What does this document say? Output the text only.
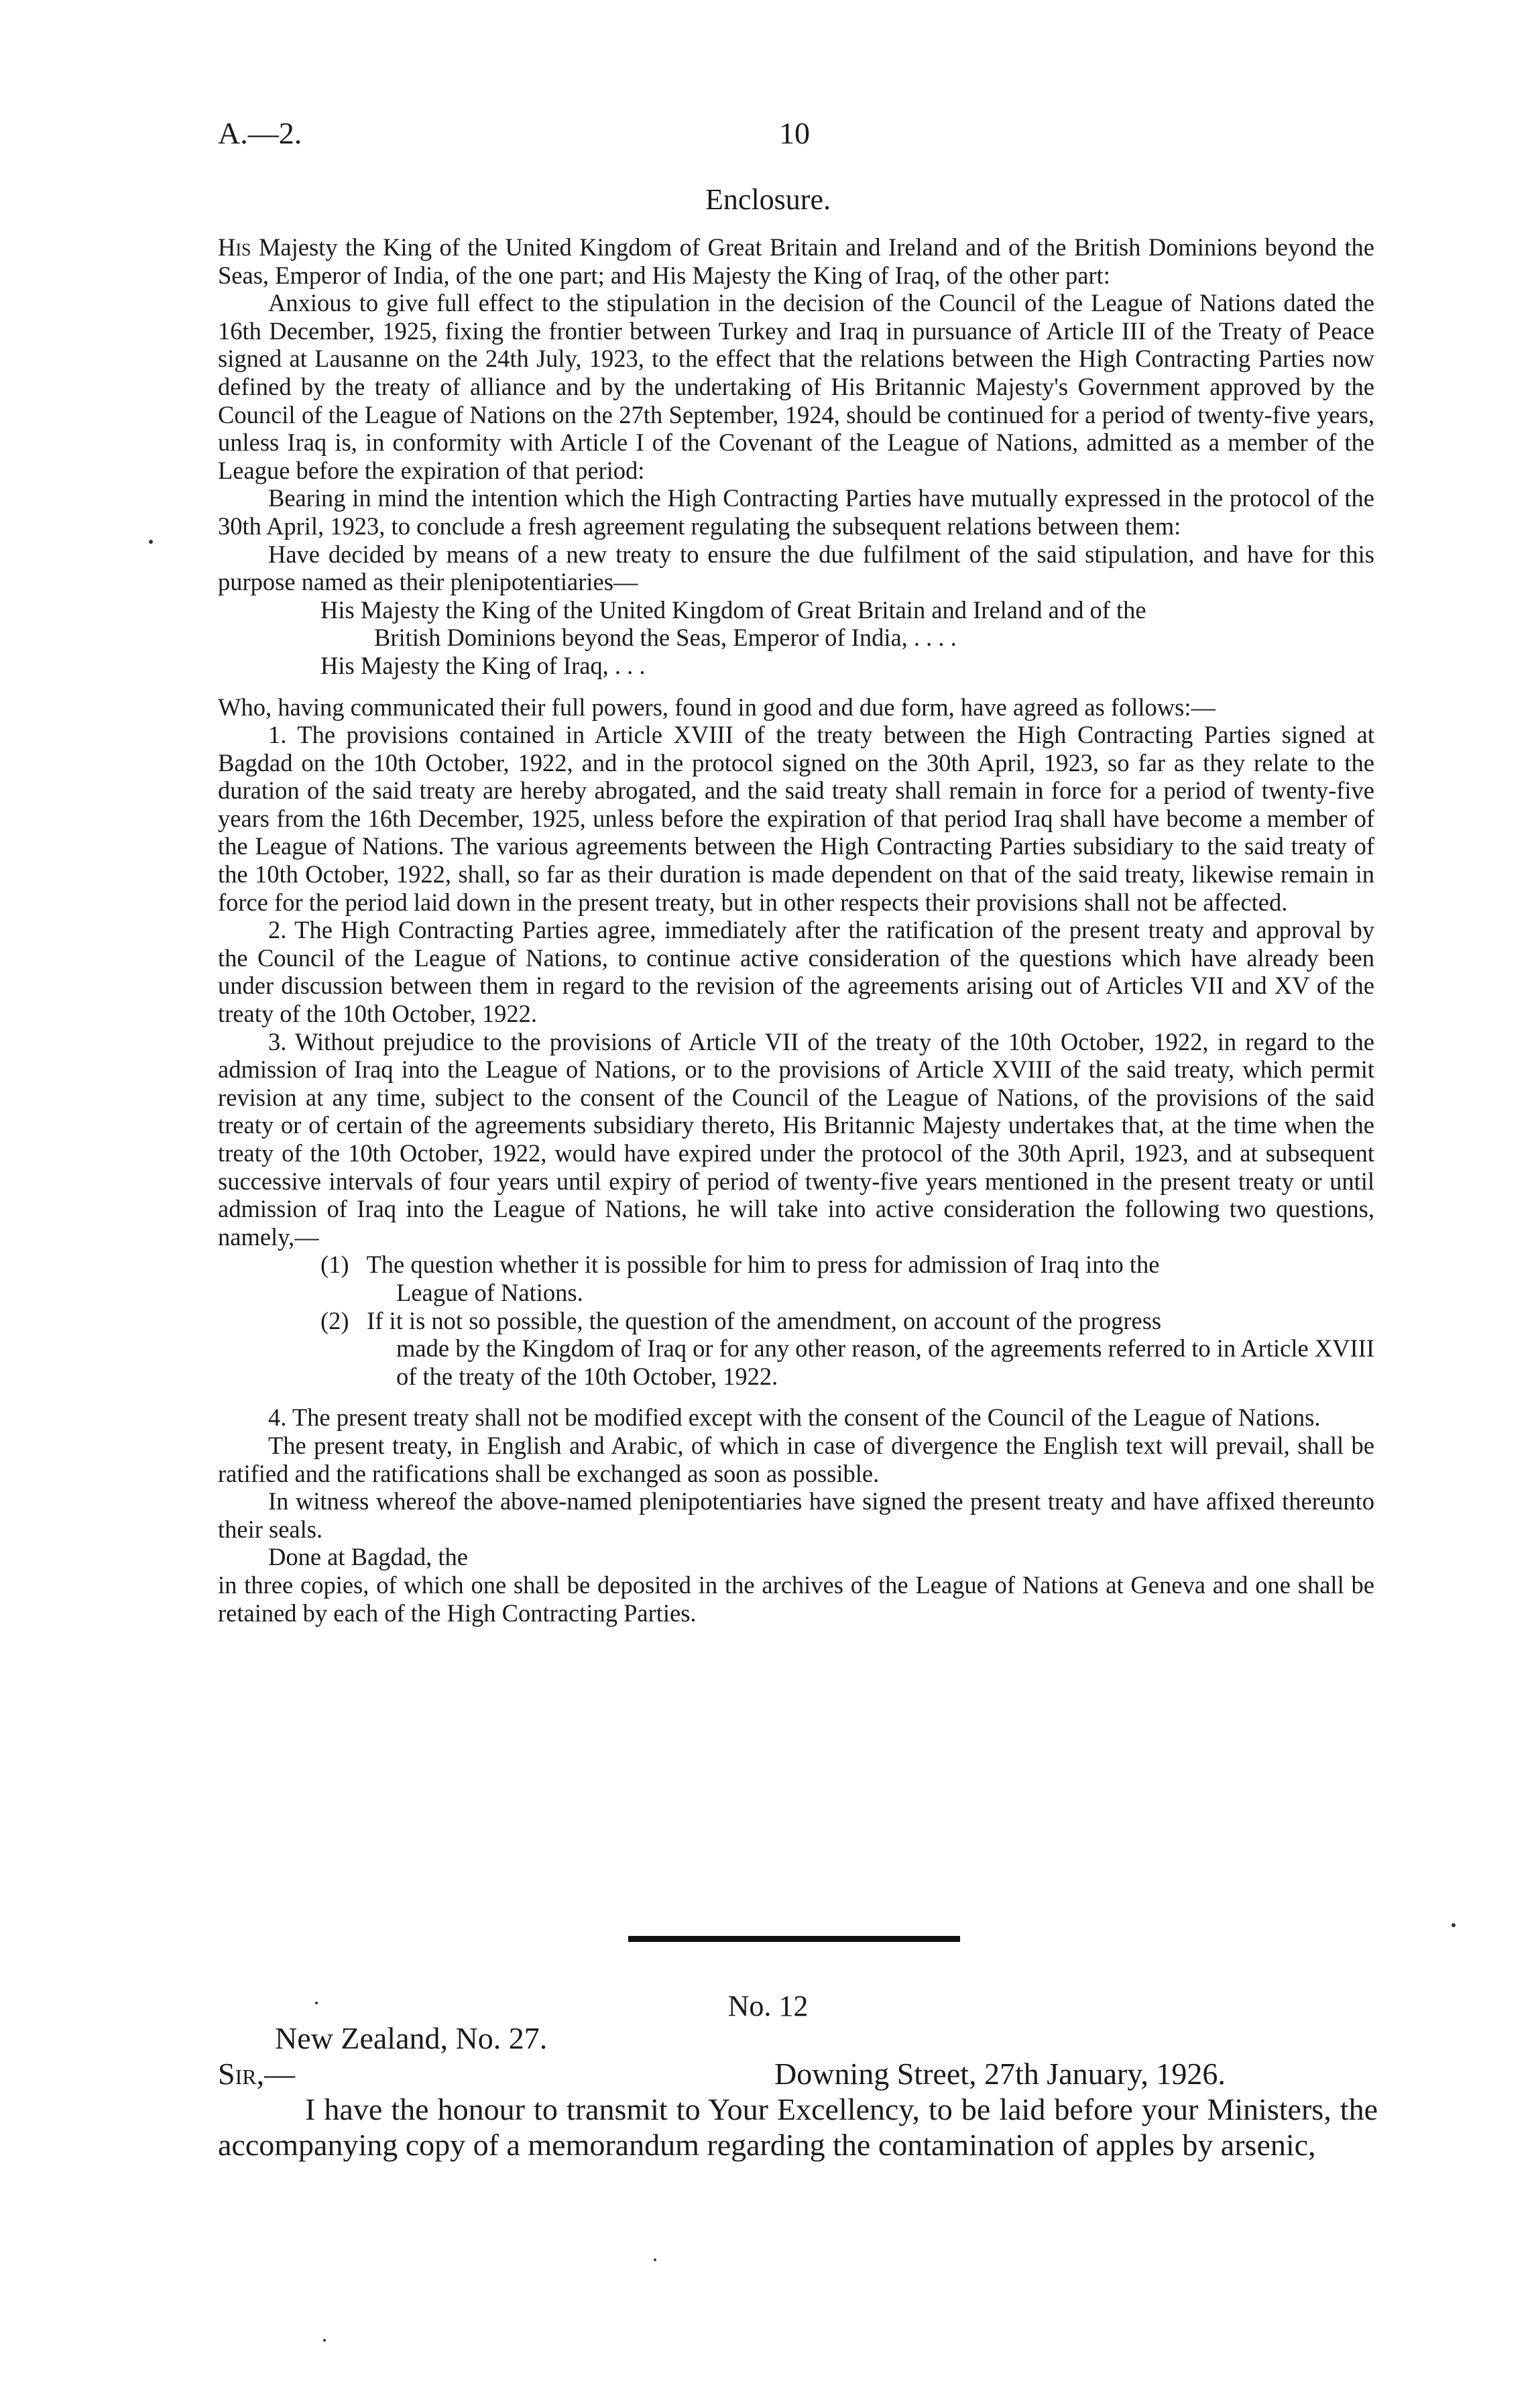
A.—2.	10
Enclosure.

His Majesty the King of the United Kingdom of Great Britain and Ireland and of the British Dominions beyond the Seas, Emperor of India, of the one part; and His Majesty the King of Iraq, of the other part:

Anxious to give full effect to the stipulation in the decision of the Council of the League of Nations dated the 16th December, 1925, fixing the frontier between Turkey and Iraq in pursuance of Article III of the Treaty of Peace signed at Lausanne on the 24th July, 1923, to the effect that the relations between the High Contracting Parties now defined by the treaty of alliance and by the undertaking of His Britannic Majesty's Government approved by the Council of the League of Nations on the 27th September, 1924, should be continued for a period of twenty-five years, unless Iraq is, in conformity with Article I of the Covenant of the League of Nations, admitted as a member of the League before the expiration of that period:

Bearing in mind the intention which the High Contracting Parties have mutually expressed in the protocol of the 30th April, 1923, to conclude a fresh agreement regulating the subsequent relations between them:

Have decided by means of a new treaty to ensure the due fulfilment of the said stipulation, and have for this purpose named as their plenipotentiaries—

His Majesty the King of the United Kingdom of Great Britain and Ireland and of the
British Dominions beyond the Seas, Emperor of India, . . . .
His Majesty the King of Iraq, . . .

Who, having communicated their full powers, found in good and due form, have agreed as follows:—

1. The provisions contained in Article XVIII of the treaty between the High Contracting Parties signed at Bagdad on the 10th October, 1922, and in the protocol signed on the 30th April, 1923, so far as they relate to the duration of the said treaty are hereby abrogated, and the said treaty shall remain in force for a period of twenty-five years from the 16th December, 1925, unless before the expiration of that period Iraq shall have become a member of the League of Nations. The various agreements between the High Contracting Parties subsidiary to the said treaty of the 10th October, 1922, shall, so far as their duration is made dependent on that of the said treaty, likewise remain in force for the period laid down in the present treaty, but in other respects their provisions shall not be affected.

2. The High Contracting Parties agree, immediately after the ratification of the present treaty and approval by the Council of the League of Nations, to continue active consideration of the questions which have already been under discussion between them in regard to the revision of the agreements arising out of Articles VII and XV of the treaty of the 10th October, 1922.

3. Without prejudice to the provisions of Article VII of the treaty of the 10th October, 1922, in regard to the admission of Iraq into the League of Nations, or to the provisions of Article XVIII of the said treaty, which permit revision at any time, subject to the consent of the Council of the League of Nations, of the provisions of the said treaty or of certain of the agreements subsidiary thereto, His Britannic Majesty undertakes that, at the time when the treaty of the 10th October, 1922, would have expired under the protocol of the 30th April, 1923, and at subsequent successive intervals of four years until expiry of period of twenty-five years mentioned in the present treaty or until admission of Iraq into the League of Nations, he will take into active consideration the following two questions, namely,—

(1) The question whether it is possible for him to press for admission of Iraq into the
League of Nations.
(2) If it is not so possible, the question of the amendment, on account of the progress
made by the Kingdom of Iraq or for any other reason, of the agreements referred to in Article XVIII of the treaty of the 10th October, 1922.

4. The present treaty shall not be modified except with the consent of the Council of the League of Nations.

The present treaty, in English and Arabic, of which in case of divergence the English text will prevail, shall be ratified and the ratifications shall be exchanged as soon as possible.

In witness whereof the above-named plenipotentiaries have signed the present treaty and have affixed thereunto their seals.

Done at Bagdad, the

in three copies, of which one shall be deposited in the archives of the League of Nations at Geneva and one shall be retained by each of the High Contracting Parties.

No. 12
New Zealand, No. 27.
Sir,—	Downing Street, 27th January, 1926.

I have the honour to transmit to Your Excellency, to be laid before your Ministers, the accompanying copy of a memorandum regarding the contamination of apples by arsenic,
